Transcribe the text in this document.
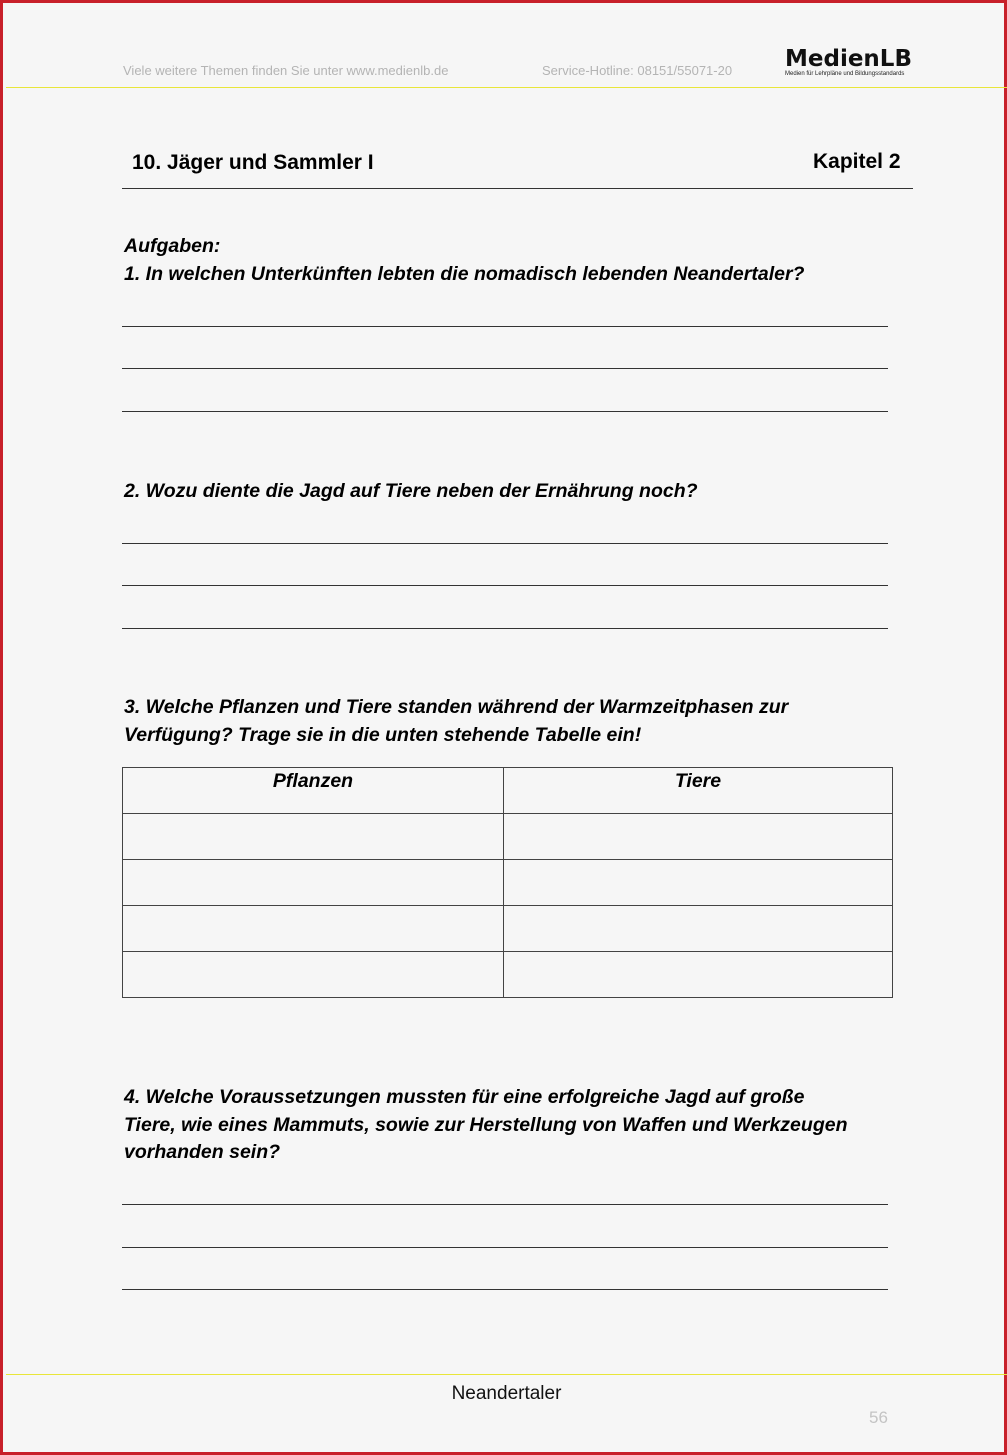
Viele weitere Themen finden Sie unter www.medienlb.de	Service-Hotline: 08151/55071-20 MedienLB
Medien für Lehrpläne und Bildungsstandards
10. Jäger und Sammler I	Kapitel 2
Aufgaben:
1. In welchen Unterkünften lebten die nomadisch lebenden Neandertaler?
2. Wozu diente die Jagd auf Tiere neben der Ernährung noch?
3. Welche Pflanzen und Tiere standen während der Warmzeitphasen zur
Verfügung? Trage sie in die unten stehende Tabelle ein!
Pflanzen	Tiere

4. Welche Voraussetzungen mussten für eine erfolgreiche Jagd auf große
Tiere, wie eines Mammuts, sowie zur Herstellung von Waffen und Werkzeugen
vorhanden sein?
Neandertaler
56
